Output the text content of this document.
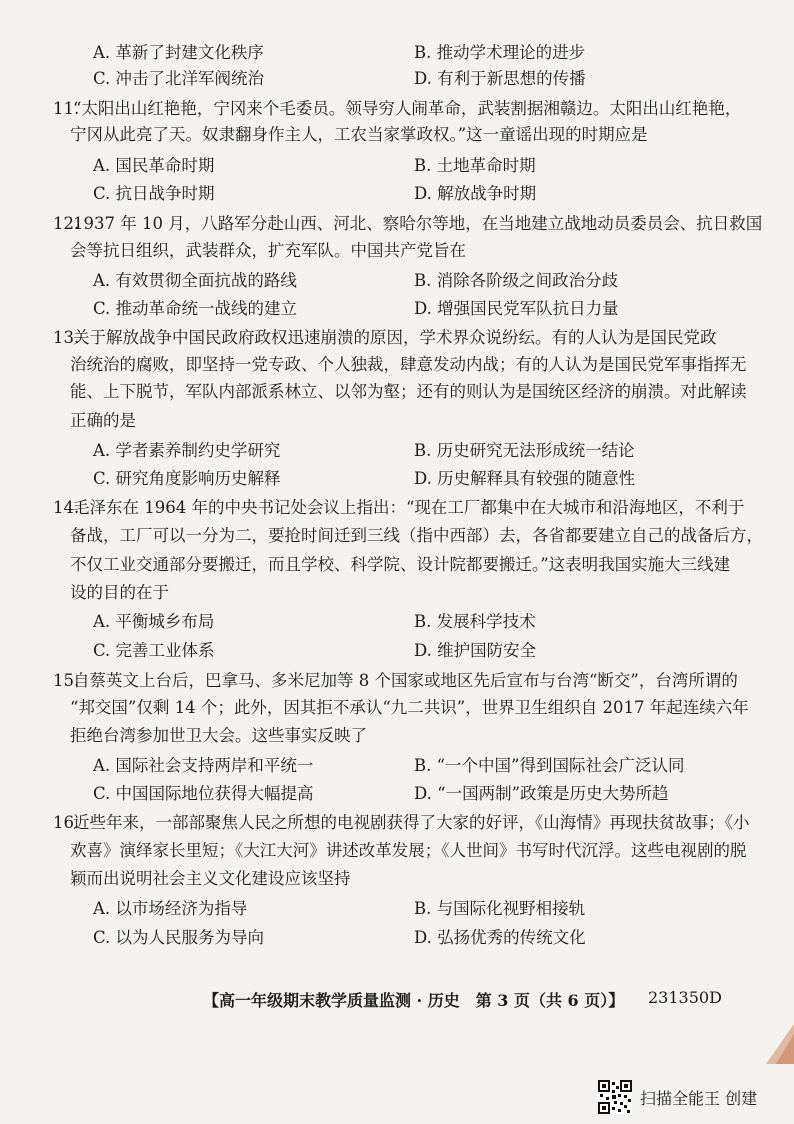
A. 革新了封建文化秩序	B. 推动学术理论的进步
C. 冲击了北洋军阀统治	D. 有利于新思想的传播
11.
“太阳出山红艳艳，宁冈来个毛委员。领导穷人闹革命，武装割据湘赣边。太阳出山红艳艳，
宁冈从此亮了天。奴隶翻身作主人，工农当家掌政权。”这一童谣出现的时期应是
A. 国民革命时期	B. 土地革命时期
C. 抗日战争时期	D. 解放战争时期
12.
1937 年 10 月，八路军分赴山西、河北、察哈尔等地，在当地建立战地动员委员会、抗日救国
会等抗日组织，武装群众，扩充军队。中国共产党旨在
A. 有效贯彻全面抗战的路线	B. 消除各阶级之间政治分歧
C. 推动革命统一战线的建立	D. 增强国民党军队抗日力量
13.
关于解放战争中国民政府政权迅速崩溃的原因，学术界众说纷纭。有的人认为是国民党政
治统治的腐败，即坚持一党专政、个人独裁，肆意发动内战；有的人认为是国民党军事指挥无
能、上下脱节，军队内部派系林立、以邻为壑；还有的则认为是国统区经济的崩溃。对此解读
正确的是
A. 学者素养制约史学研究	B. 历史研究无法形成统一结论
C. 研究角度影响历史解释	D. 历史解释具有较强的随意性
14.
毛泽东在 1964 年的中央书记处会议上指出：“现在工厂都集中在大城市和沿海地区，不利于
备战，工厂可以一分为二，要抢时间迁到三线（指中西部）去，各省都要建立自己的战备后方，
不仅工业交通部分要搬迁，而且学校、科学院、设计院都要搬迁。”这表明我国实施大三线建
设的目的在于
A. 平衡城乡布局	B. 发展科学技术
C. 完善工业体系	D. 维护国防安全
15.
自蔡英文上台后，巴拿马、多米尼加等 8 个国家或地区先后宣布与台湾“断交”，台湾所谓的
“邦交国”仅剩 14 个；此外，因其拒不承认“九二共识”，世界卫生组织自 2017 年起连续六年
拒绝台湾参加世卫大会。这些事实反映了
A. 国际社会支持两岸和平统一	B. “一个中国”得到国际社会广泛认同
C. 中国国际地位获得大幅提高	D. “一国两制”政策是历史大势所趋
16.
近些年来，一部部聚焦人民之所想的电视剧获得了大家的好评，《山海情》再现扶贫故事；《小
欢喜》演绎家长里短；《大江大河》讲述改革发展；《人世间》书写时代沉浮。这些电视剧的脱
颖而出说明社会主义文化建设应该坚持
A. 以市场经济为指导	B. 与国际化视野相接轨
C. 以为人民服务为导向	D. 弘扬优秀的传统文化
【高一年级期末教学质量监测 · 历史　第 3 页（共 6 页）】 231350D
扫描全能王 创建
